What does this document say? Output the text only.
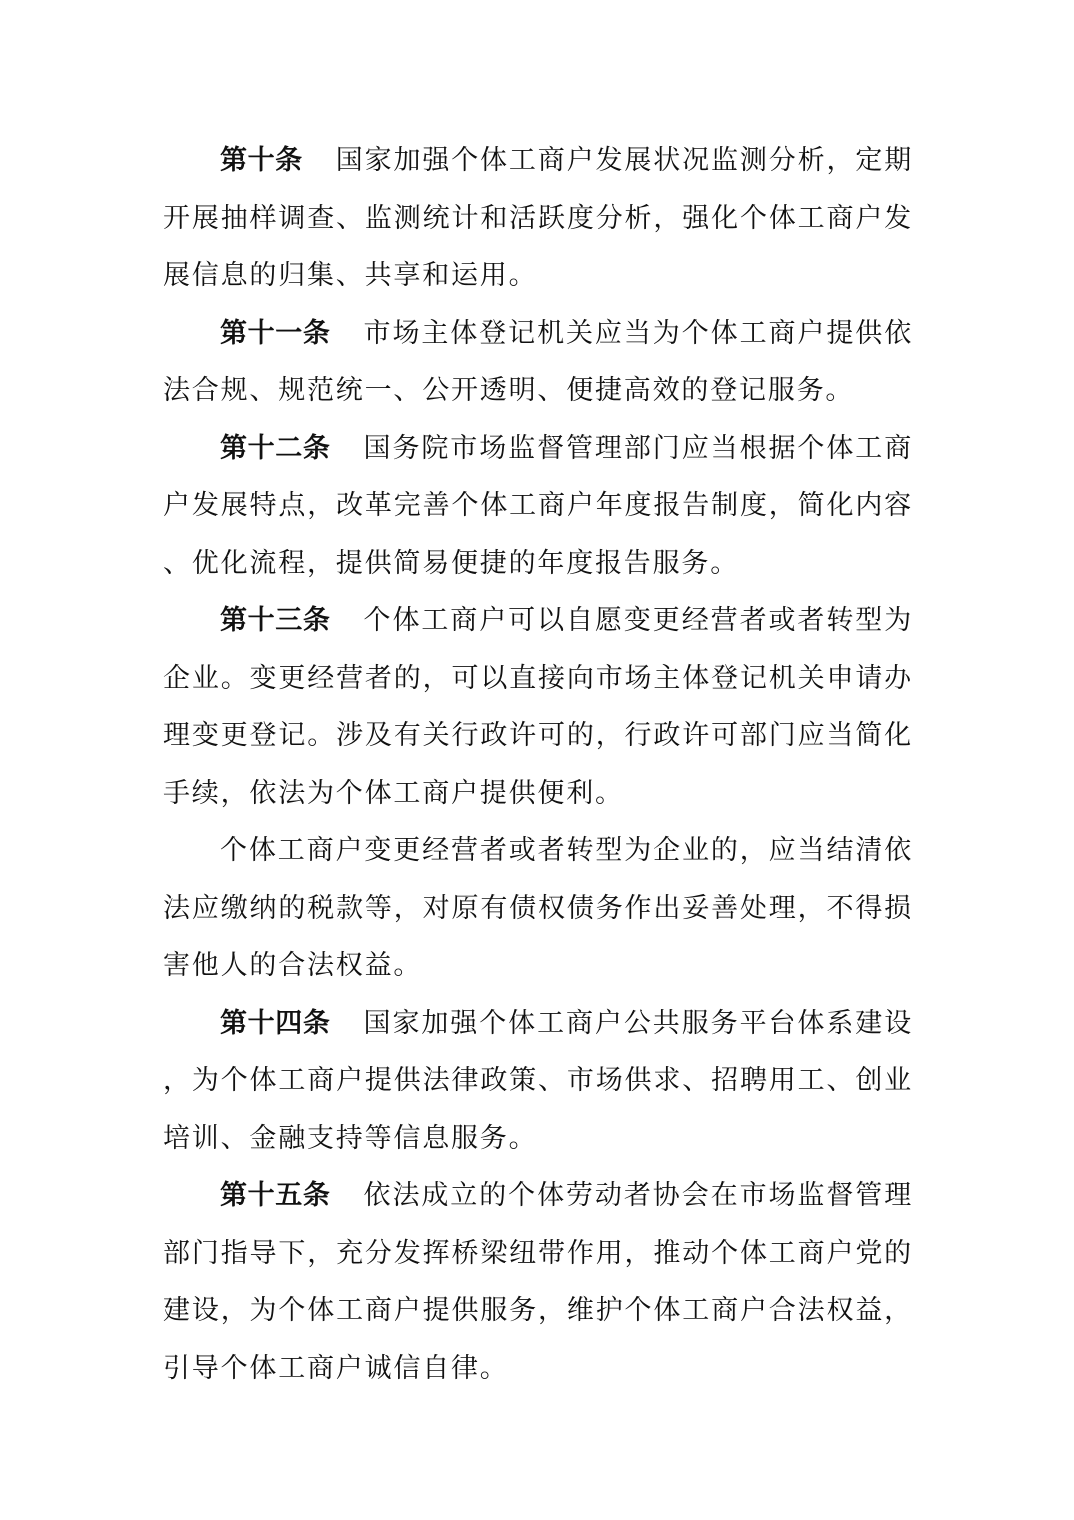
第十条 国家加强个体工商户发展状况监测分析，定期开展抽样调查、监测统计和活跃度分析，强化个体工商户发展信息的归集、共享和运用。

第十一条 市场主体登记机关应当为个体工商户提供依法合规、规范统一、公开透明、便捷高效的登记服务。

第十二条 国务院市场监督管理部门应当根据个体工商户发展特点，改革完善个体工商户年度报告制度，简化内容、优化流程，提供简易便捷的年度报告服务。

第十三条 个体工商户可以自愿变更经营者或者转型为企业。变更经营者的，可以直接向市场主体登记机关申请办理变更登记。涉及有关行政许可的，行政许可部门应当简化手续，依法为个体工商户提供便利。

个体工商户变更经营者或者转型为企业的，应当结清依法应缴纳的税款等，对原有债权债务作出妥善处理，不得损害他人的合法权益。

第十四条 国家加强个体工商户公共服务平台体系建设，为个体工商户提供法律政策、市场供求、招聘用工、创业培训、金融支持等信息服务。

第十五条 依法成立的个体劳动者协会在市场监督管理部门指导下，充分发挥桥梁纽带作用，推动个体工商户党的建设，为个体工商户提供服务，维护个体工商户合法权益，引导个体工商户诚信自律。
